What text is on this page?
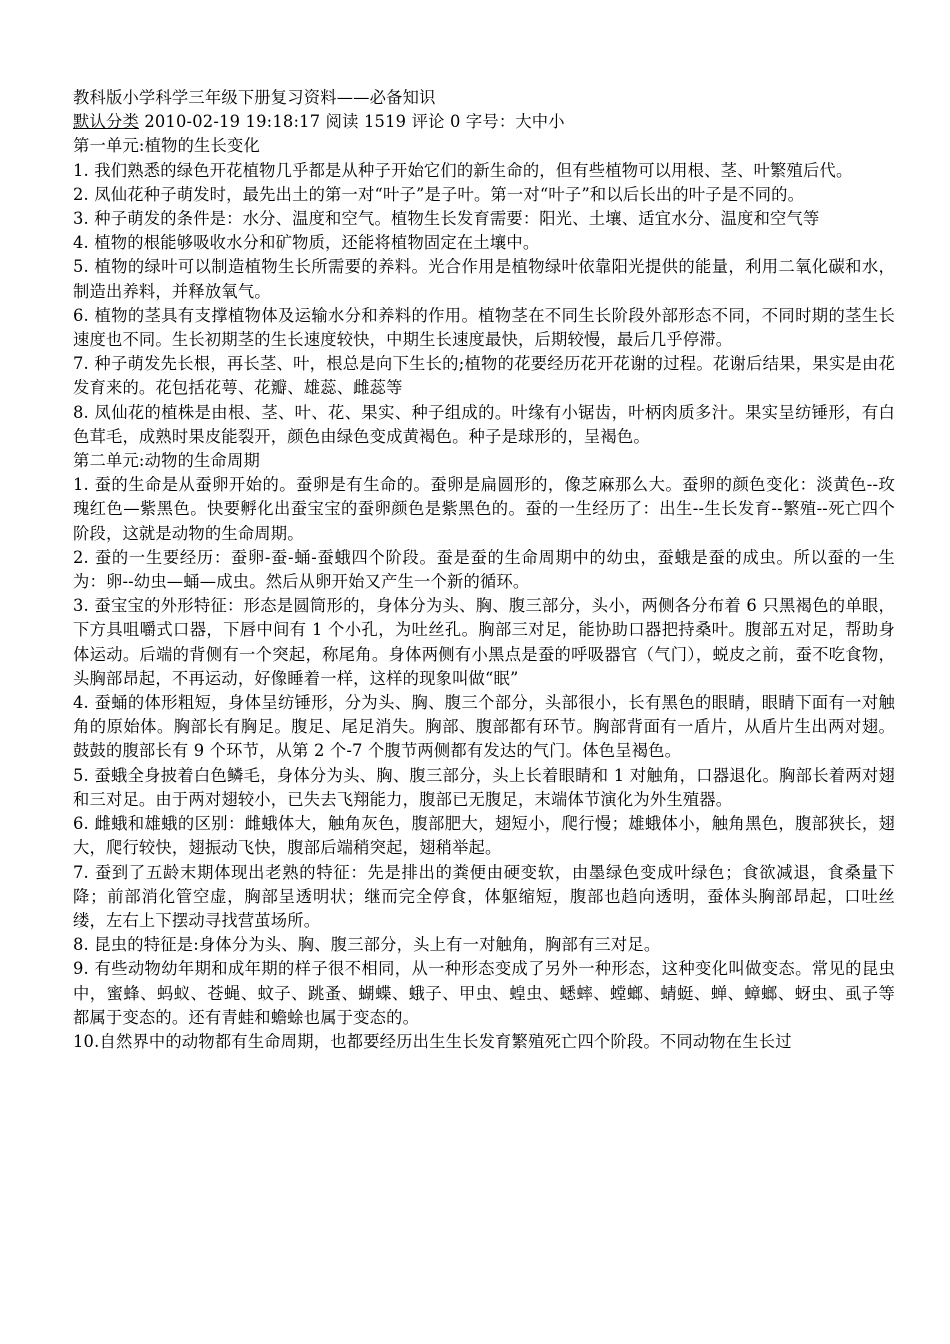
教科版小学科学三年级下册复习资料——必备知识
默认分类 2010-02-19 19:18:17 阅读 1519 评论 0 字号：大中小
第一单元:植物的生长变化
1. 我们熟悉的绿色开花植物几乎都是从种子开始它们的新生命的，但有些植物可以用根、茎、叶繁殖后代。
2. 凤仙花种子萌发时，最先出土的第一对“叶子”是子叶。第一对“叶子”和以后长出的叶子是不同的。
3. 种子萌发的条件是：水分、温度和空气。植物生长发育需要：阳光、土壤、适宜水分、温度和空气等
4. 植物的根能够吸收水分和矿物质，还能将植物固定在土壤中。
5. 植物的绿叶可以制造植物生长所需要的养料。光合作用是植物绿叶依靠阳光提供的能量，利用二氧化碳和水，制造出养料，并释放氧气。
6. 植物的茎具有支撑植物体及运输水分和养料的作用。植物茎在不同生长阶段外部形态不同，不同时期的茎生长速度也不同。生长初期茎的生长速度较快，中期生长速度最快，后期较慢，最后几乎停滞。
7. 种子萌发先长根，再长茎、叶，根总是向下生长的;植物的花要经历花开花谢的过程。花谢后结果，果实是由花发育来的。花包括花萼、花瓣、雄蕊、雌蕊等
8. 凤仙花的植株是由根、茎、叶、花、果实、种子组成的。叶缘有小锯齿，叶柄肉质多汁。果实呈纺锤形，有白色茸毛，成熟时果皮能裂开，颜色由绿色变成黄褐色。种子是球形的，呈褐色。
第二单元:动物的生命周期
1. 蚕的生命是从蚕卵开始的。蚕卵是有生命的。蚕卵是扁圆形的，像芝麻那么大。蚕卵的颜色变化：淡黄色--玫瑰红色—紫黑色。快要孵化出蚕宝宝的蚕卵颜色是紫黑色的。蚕的一生经历了：出生--生长发育--繁殖--死亡四个阶段，这就是动物的生命周期。
2. 蚕的一生要经历：蚕卵-蚕-蛹-蚕蛾四个阶段。蚕是蚕的生命周期中的幼虫，蚕蛾是蚕的成虫。所以蚕的一生为：卵--幼虫—蛹—成虫。然后从卵开始又产生一个新的循环。
3. 蚕宝宝的外形特征：形态是圆筒形的，身体分为头、胸、腹三部分，头小，两侧各分布着 6 只黑褐色的单眼，下方具咀嚼式口器，下唇中间有 1 个小孔，为吐丝孔。胸部三对足，能协助口器把持桑叶。腹部五对足，帮助身体运动。后端的背侧有一个突起，称尾角。身体两侧有小黑点是蚕的呼吸器官（气门），蜕皮之前，蚕不吃食物，头胸部昂起，不再运动，好像睡着一样，这样的现象叫做“眠”
4. 蚕蛹的体形粗短，身体呈纺锤形，分为头、胸、腹三个部分，头部很小，长有黑色的眼睛，眼睛下面有一对触角的原始体。胸部长有胸足。腹足、尾足消失。胸部、腹部都有环节。胸部背面有一盾片，从盾片生出两对翅。鼓鼓的腹部长有 9 个环节，从第 2 个-7 个腹节两侧都有发达的气门。体色呈褐色。
5. 蚕蛾全身披着白色鳞毛，身体分为头、胸、腹三部分，头上长着眼睛和 1 对触角，口器退化。胸部长着两对翅和三对足。由于两对翅较小，已失去飞翔能力，腹部已无腹足，末端体节演化为外生殖器。
6. 雌蛾和雄蛾的区别：雌蛾体大，触角灰色，腹部肥大，翅短小，爬行慢；雄蛾体小，触角黑色，腹部狭长，翅大，爬行较快，翅振动飞快，腹部后端稍突起，翅稍举起。
7. 蚕到了五龄末期体现出老熟的特征：先是排出的粪便由硬变软，由墨绿色变成叶绿色；食欲减退，食桑量下降；前部消化管空虚，胸部呈透明状；继而完全停食，体躯缩短，腹部也趋向透明，蚕体头胸部昂起，口吐丝缕，左右上下摆动寻找营茧场所。
8. 昆虫的特征是:身体分为头、胸、腹三部分，头上有一对触角，胸部有三对足。
9. 有些动物幼年期和成年期的样子很不相同，从一种形态变成了另外一种形态，这种变化叫做变态。常见的昆虫中，蜜蜂、蚂蚁、苍蝇、蚊子、跳蚤、蝴蝶、蛾子、甲虫、蝗虫、蟋蟀、螳螂、蜻蜓、蝉、蟑螂、蚜虫、虱子等都属于变态的。还有青蛙和蟾蜍也属于变态的。
10.自然界中的动物都有生命周期，也都要经历出生生长发育繁殖死亡四个阶段。不同动物在生长过
